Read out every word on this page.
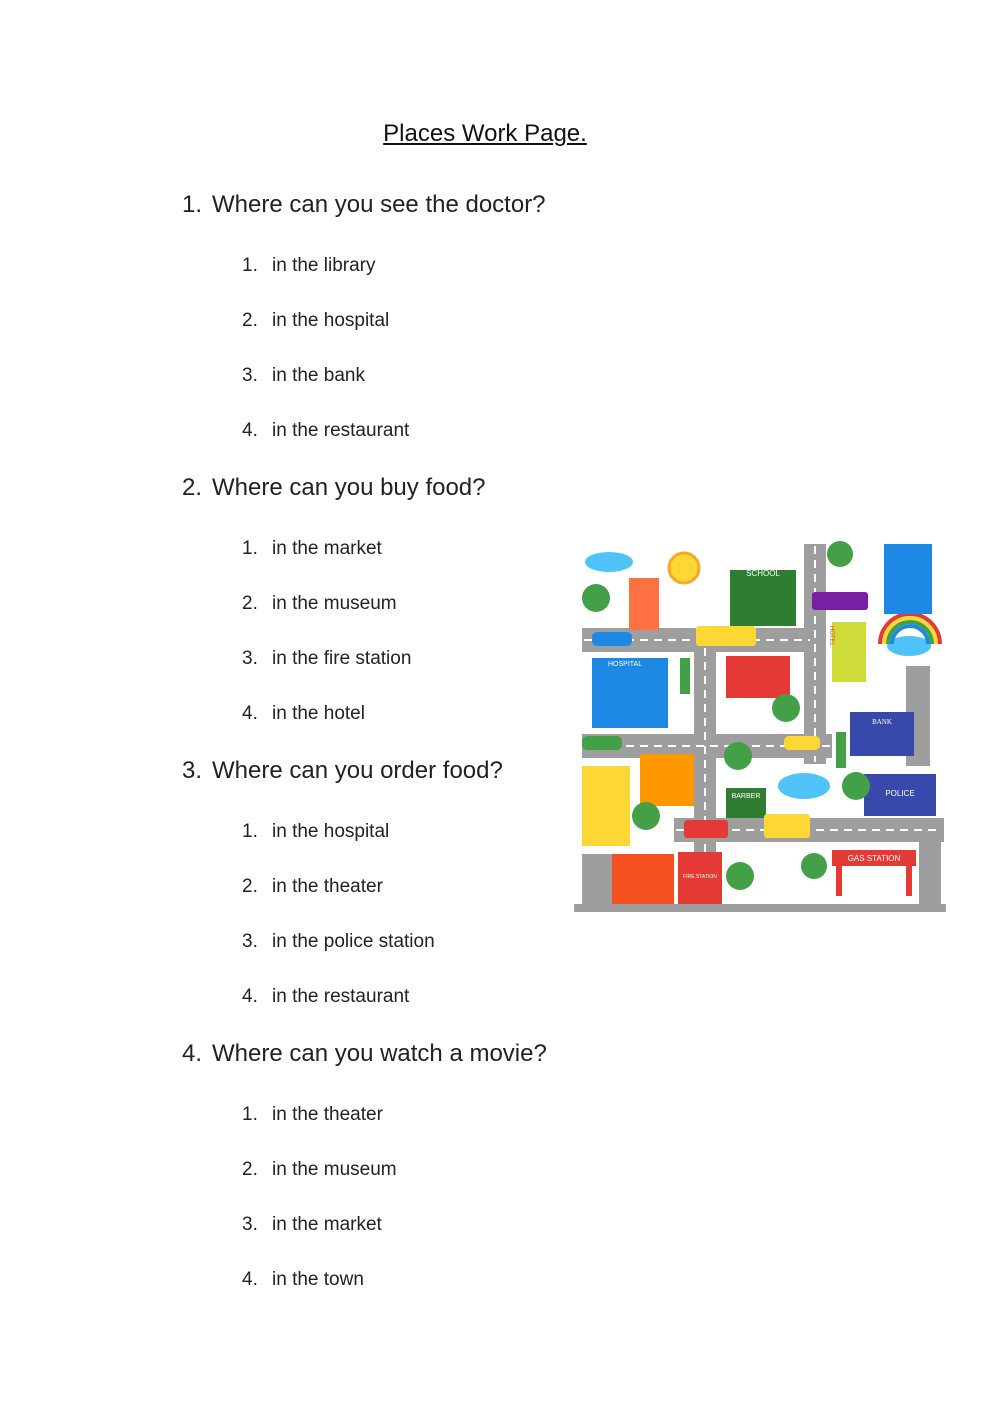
Places Work Page.
1. Where can you see the doctor?
1. in the library
2. in the hospital
3. in the bank
4. in the restaurant
2. Where can you buy food?
1. in the market
2. in the museum
3. in the fire station
4. in the hotel
3. Where can you order food?
1. in the hospital
2. in the theater
3. in the police station
4. in the restaurant
4. Where can you watch a movie?
1. in the theater
2. in the museum
3. in the market
4. in the town
SCHOOL
HOSPITAL
HOTEL
BANK
BARBER	POLICE
FIRE STATION
GAS STATION
